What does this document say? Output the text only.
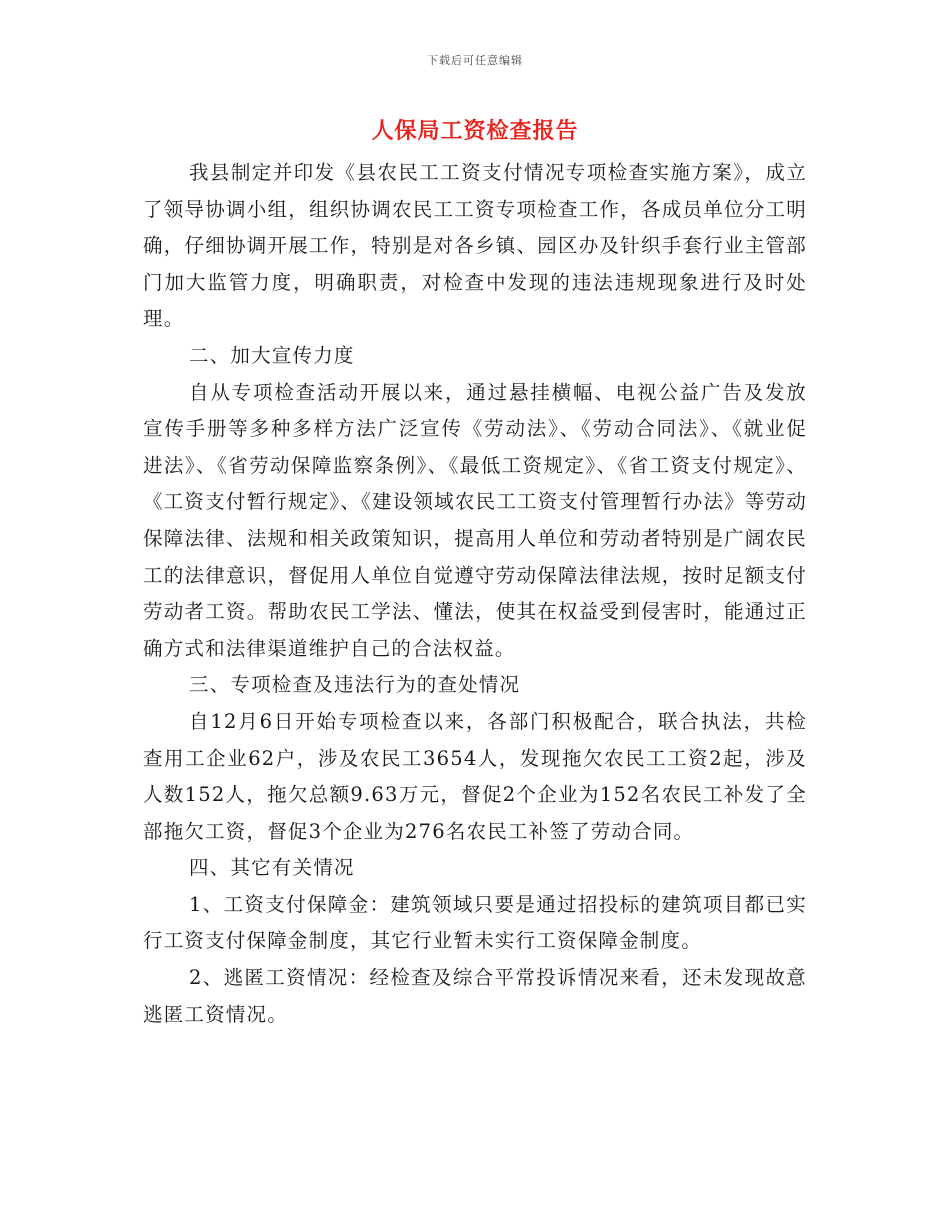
下载后可任意编辑
人保局工资检查报告

我县制定并印发《县农民工工资支付情况专项检查实施方案》，成立了领导协调小组，组织协调农民工工资专项检查工作，各成员单位分工明确，仔细协调开展工作，特别是对各乡镇、园区办及针织手套行业主管部门加大监管力度，明确职责，对检查中发现的违法违规现象进行及时处理。

二、加大宣传力度

自从专项检查活动开展以来，通过悬挂横幅、电视公益广告及发放宣传手册等多种多样方法广泛宣传《劳动法》、《劳动合同法》、《就业促进法》、《省劳动保障监察条例》、《最低工资规定》、《省工资支付规定》、《工资支付暂行规定》、《建设领域农民工工资支付管理暂行办法》等劳动保障法律、法规和相关政策知识，提高用人单位和劳动者特别是广阔农民工的法律意识，督促用人单位自觉遵守劳动保障法律法规，按时足额支付劳动者工资。帮助农民工学法、懂法，使其在权益受到侵害时，能通过正确方式和法律渠道维护自己的合法权益。

三、专项检查及违法行为的查处情况

自12月6日开始专项检查以来，各部门积极配合，联合执法，共检查用工企业62户，涉及农民工3654人，发现拖欠农民工工资2起，涉及人数152人，拖欠总额9.63万元，督促2个企业为152名农民工补发了全部拖欠工资，督促3个企业为276名农民工补签了劳动合同。

四、其它有关情况

1、工资支付保障金：建筑领域只要是通过招投标的建筑项目都已实行工资支付保障金制度，其它行业暂未实行工资保障金制度。

2、逃匿工资情况：经检查及综合平常投诉情况来看，还未发现故意逃匿工资情况。
